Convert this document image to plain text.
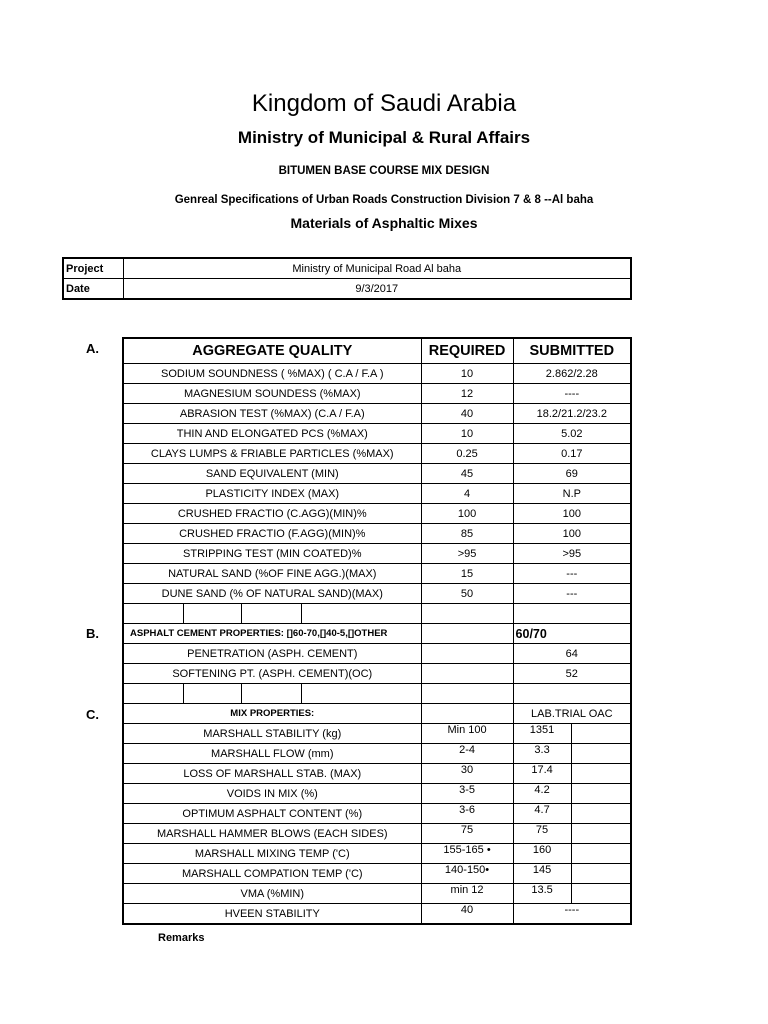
Kingdom of Saudi Arabia
Ministry of Municipal & Rural Affairs
BITUMEN BASE COURSE MIX DESIGN
Genreal Specifications of Urban Roads Construction Division 7 & 8 --Al baha
Materials of Asphaltic Mixes
Project	Ministry of Municipal Road Al baha
Date	9/3/2017
A.
B.
C.
AGGREGATE QUALITY				REQUIRED	SUBMITTED	
SODIUM SOUNDNESS ( %MAX) ( C.A / F.A )				10	2.862/2.28	
MAGNESIUM SOUNDESS (%MAX)				12	----	
ABRASION TEST (%MAX) (C.A / F.A)				40	18.2/21.2/23.2	
THIN AND ELONGATED PCS (%MAX)				10	5.02	
CLAYS LUMPS & FRIABLE PARTICLES (%MAX)				0.25	0.17	
SAND EQUIVALENT (MIN)				45	69	
PLASTICITY INDEX (MAX)				4	N.P	
CRUSHED FRACTIO (C.AGG)(MIN)%				100	100	
CRUSHED FRACTIO (F.AGG)(MIN)%				85	100	
STRIPPING TEST (MIN COATED)%				>95	>95	
NATURAL SAND (%OF FINE AGG.)(MAX)				15	---	
DUNE SAND (% OF NATURAL SAND)(MAX)				50	---	

ASPHALT CEMENT PROPERTIES: []60-70,[]40-5,[]OTHER					60/70	
PENETRATION (ASPH. CEMENT)					64	
SOFTENING PT. (ASPH. CEMENT)(OC)					52	

MIX PROPERTIES:					LAB.TRIAL OAC	
MARSHALL STABILITY (kg)				Min 100	1351	
MARSHALL FLOW (mm)				2-4	3.3	
LOSS OF MARSHALL STAB. (MAX)				30	17.4	
VOIDS IN MIX (%)				3-5	4.2	
OPTIMUM ASPHALT CONTENT (%)				3-6	4.7	
MARSHALL HAMMER BLOWS (EACH SIDES)				75	75	
MARSHALL MIXING TEMP ('C)				155-165 •	160	
MARSHALL COMPATION TEMP ('C)				140-150•	145	
VMA (%MIN)				min 12	13.5	
HVEEN STABILITY				40	----	
Remarks
